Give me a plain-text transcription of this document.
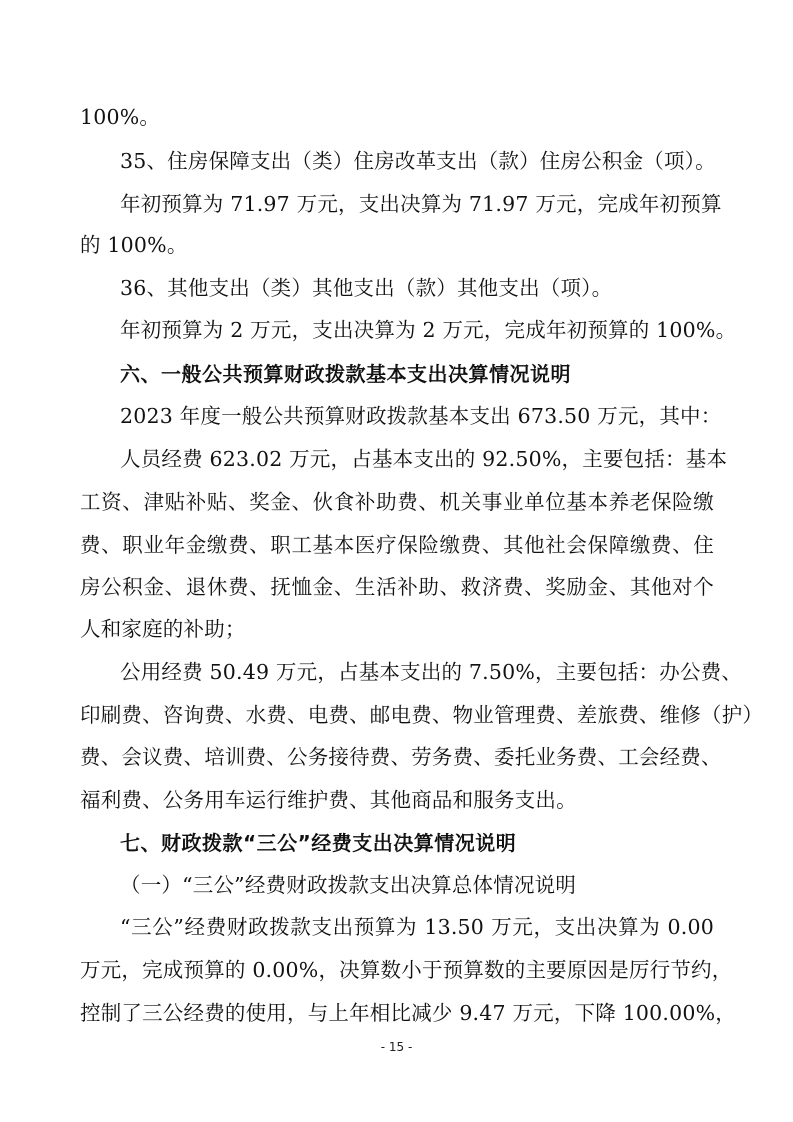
100%。
35、住房保障支出（类）住房改革支出（款）住房公积金（项）。
年初预算为 71.97 万元，支出决算为 71.97 万元，完成年初预算
的 100%。
36、其他支出（类）其他支出（款）其他支出（项）。
年初预算为 2 万元，支出决算为 2 万元，完成年初预算的 100%。
六、一般公共预算财政拨款基本支出决算情况说明
2023 年度一般公共预算财政拨款基本支出 673.50 万元，其中：
人员经费 623.02 万元，占基本支出的 92.50%，主要包括：基本
工资、津贴补贴、奖金、伙食补助费、机关事业单位基本养老保险缴
费、职业年金缴费、职工基本医疗保险缴费、其他社会保障缴费、住
房公积金、退休费、抚恤金、生活补助、救济费、奖励金、其他对个
人和家庭的补助；
公用经费 50.49 万元，占基本支出的 7.50%，主要包括：办公费、
印刷费、咨询费、水费、电费、邮电费、物业管理费、差旅费、维修（护）
费、会议费、培训费、公务接待费、劳务费、委托业务费、工会经费、
福利费、公务用车运行维护费、其他商品和服务支出。
七、财政拨款“三公”经费支出决算情况说明
（一）“三公”经费财政拨款支出决算总体情况说明
“三公”经费财政拨款支出预算为 13.50 万元，支出决算为 0.00
万元，完成预算的 0.00%，决算数小于预算数的主要原因是厉行节约，
控制了三公经费的使用，与上年相比减少 9.47 万元，下降 100.00%，
- 15 -
